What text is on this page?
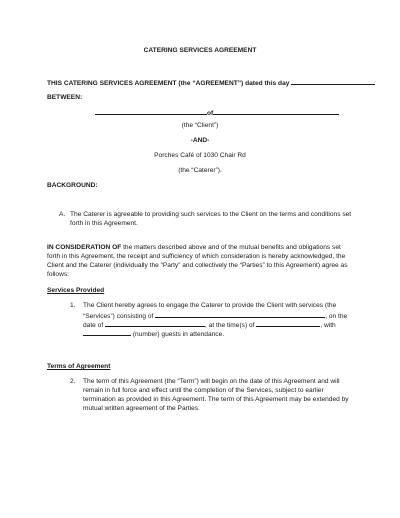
CATERING SERVICES AGREEMENT
THIS CATERING SERVICES AGREEMENT (the “AGREEMENT”) dated this day
BETWEEN:
of
(the “Client”)
-AND-
Porches Café of 1030 Chair Rd
(the “Caterer”).
BACKGROUND:
A. The Caterer is agreeable to providing such services to the Client on the terms and conditions set
forth in this Agreement.
IN CONSIDERATION OF the matters described above and of the mutual benefits and obligations set
forth in this Agreement, the receipt and sufficiency of which consideration is hereby acknowledged, the
Client and the Caterer (individually the “Party” and collectively the “Parties” to this Agreement) agree as
follows:
Services Provided
1. The Client hereby agrees to engage the Caterer to provide the Client with services (the
“Services”) consisting of	, on the
date of	, at the time(s) of	, with
(number) guests in attendance.
Terms of Agreement
2. The term of this Agreement (the “Term”) will begin on the date of this Agreement and will
remain in full force and effect until the completion of the Services, subject to earlier
termination as provided in this Agreement. The term of this Agreement may be extended by
mutual written agreement of the Parties.
